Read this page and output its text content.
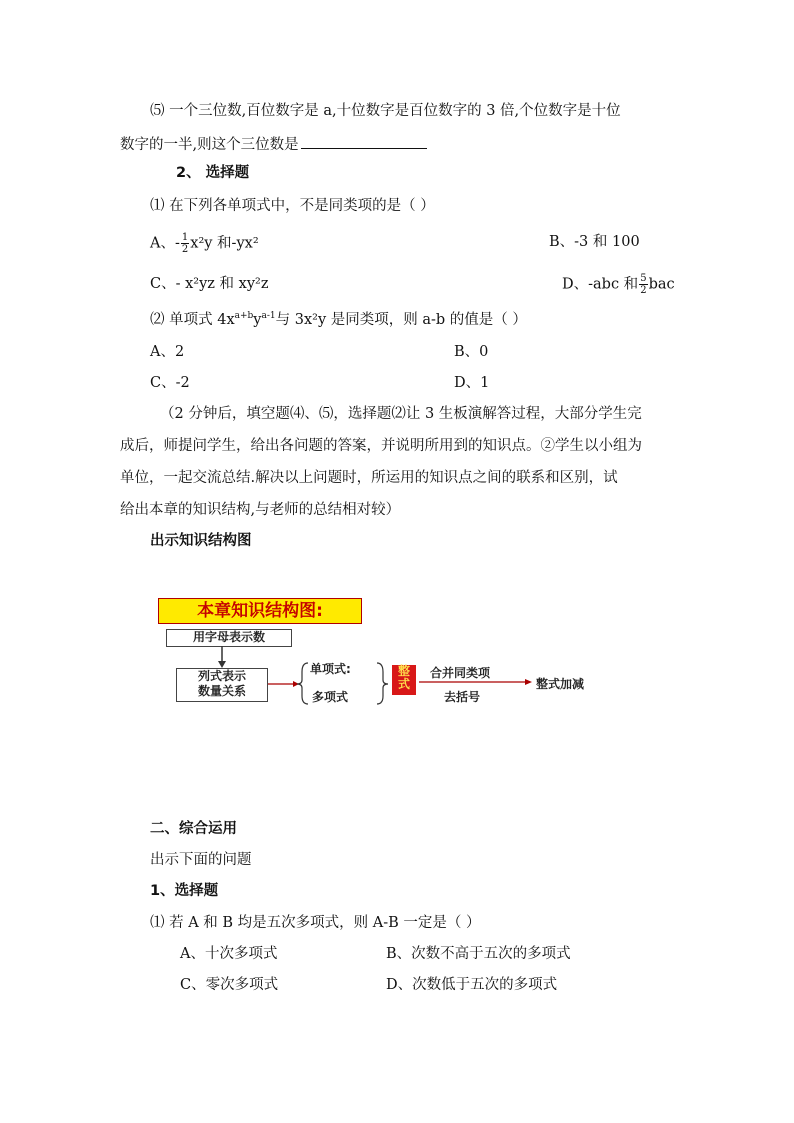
⑸ 一个三位数,百位数字是 a,十位数字是百位数字的 3 倍,个位数字是十位
数字的一半,则这个三位数是
2、 选择题
⑴ 在下列各单项式中，不是同类项的是（ ）
A、- $\frac{1}{2} x^2y$ 和-yx²	B、-3 和 100
C、- x²yz 和 xy²z	D、-abc 和 $\frac{5}{2}$ bac
⑵ 单项式 $4x^{a+b}y^{a-1}$与 3x²y 是同类项，则 a-b 的值是（ ）
A、2	B、0
C、-2	D、1
（2 分钟后，填空题⑷、⑸，选择题⑵让 3 生板演解答过程，大部分学生完
成后，师提问学生，给出各问题的答案，并说明所用到的知识点。②学生以小组为
单位，一起交流总结.解决以上问题时，所运用的知识点之间的联系和区别，试
给出本章的知识结构,与老师的总结相对较）
出示知识结构图
本章知识结构图:
用字母表示数
列式表示
数量关系
单项式:
多项式
整
式
合并同类项
去括号
整式加减
二、综合运用
出示下面的问题
1、选择题
⑴ 若 A 和 B 均是五次多项式，则 A-B 一定是（ ）
A、十次多项式	B、次数不高于五次的多项式
C、零次多项式	D、次数低于五次的多项式
